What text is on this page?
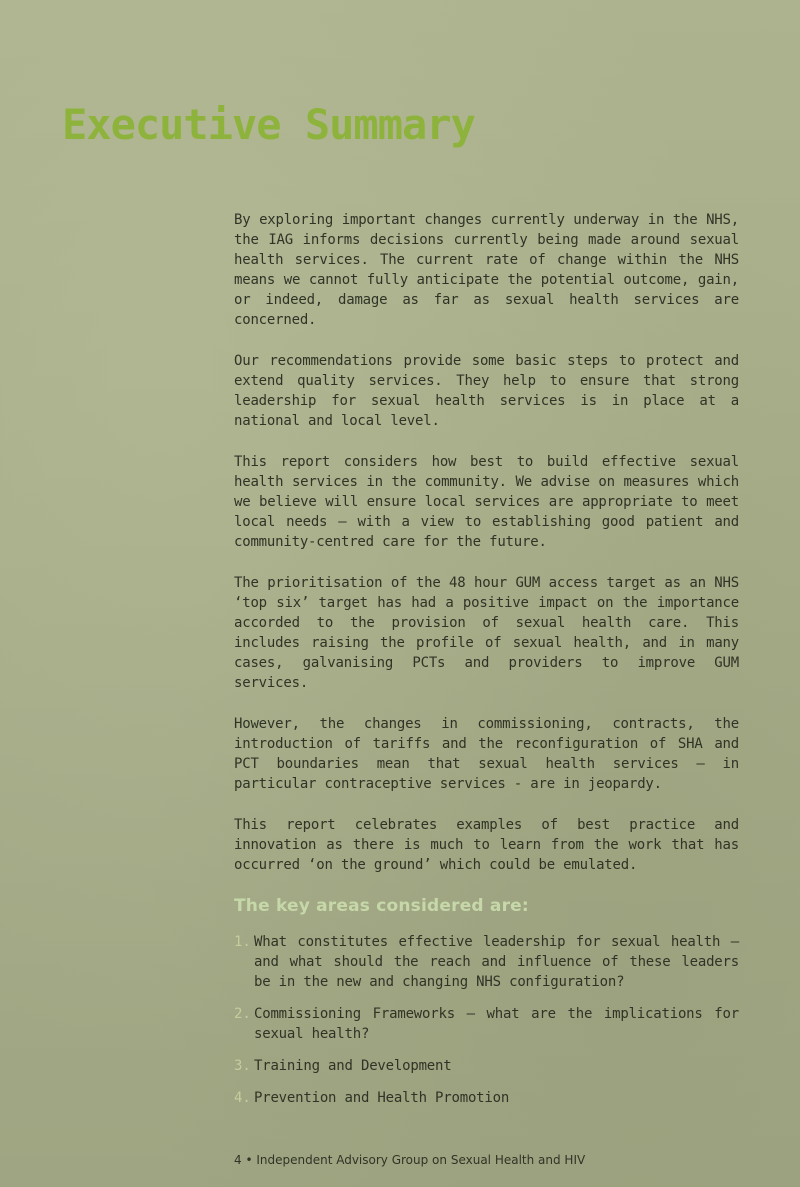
Executive Summary

By exploring important changes currently underway in the NHS, the IAG informs decisions currently being made around sexual health services. The current rate of change within the NHS means we cannot fully anticipate the potential outcome, gain, or indeed, damage as far as sexual health services are concerned.

Our recommendations provide some basic steps to protect and extend quality services. They help to ensure that strong leadership for sexual health services is in place at a national and local level.

This report considers how best to build effective sexual health services in the community. We advise on measures which we believe will ensure local services are appropriate to meet local needs – with a view to establishing good patient and community-centred care for the future.

The prioritisation of the 48 hour GUM access target as an NHS ‘top six’ target has had a positive impact on the importance accorded to the provision of sexual health care. This includes raising the profile of sexual health, and in many cases, galvanising PCTs and providers to improve GUM services.

However, the changes in commissioning, contracts, the introduction of tariffs and the reconfiguration of SHA and PCT boundaries mean that sexual health services – in particular contraceptive services - are in jeopardy.

This report celebrates examples of best practice and innovation as there is much to learn from the work that has occurred ‘on the ground’ which could be emulated.

The key areas considered are:
1. What constitutes effective leadership for sexual health – and what should the reach and influence of these leaders be in the new and changing NHS configuration?
2. Commissioning Frameworks – what are the implications for sexual health?
3. Training and Development
4. Prevention and Health Promotion
4 • Independent Advisory Group on Sexual Health and HIV
